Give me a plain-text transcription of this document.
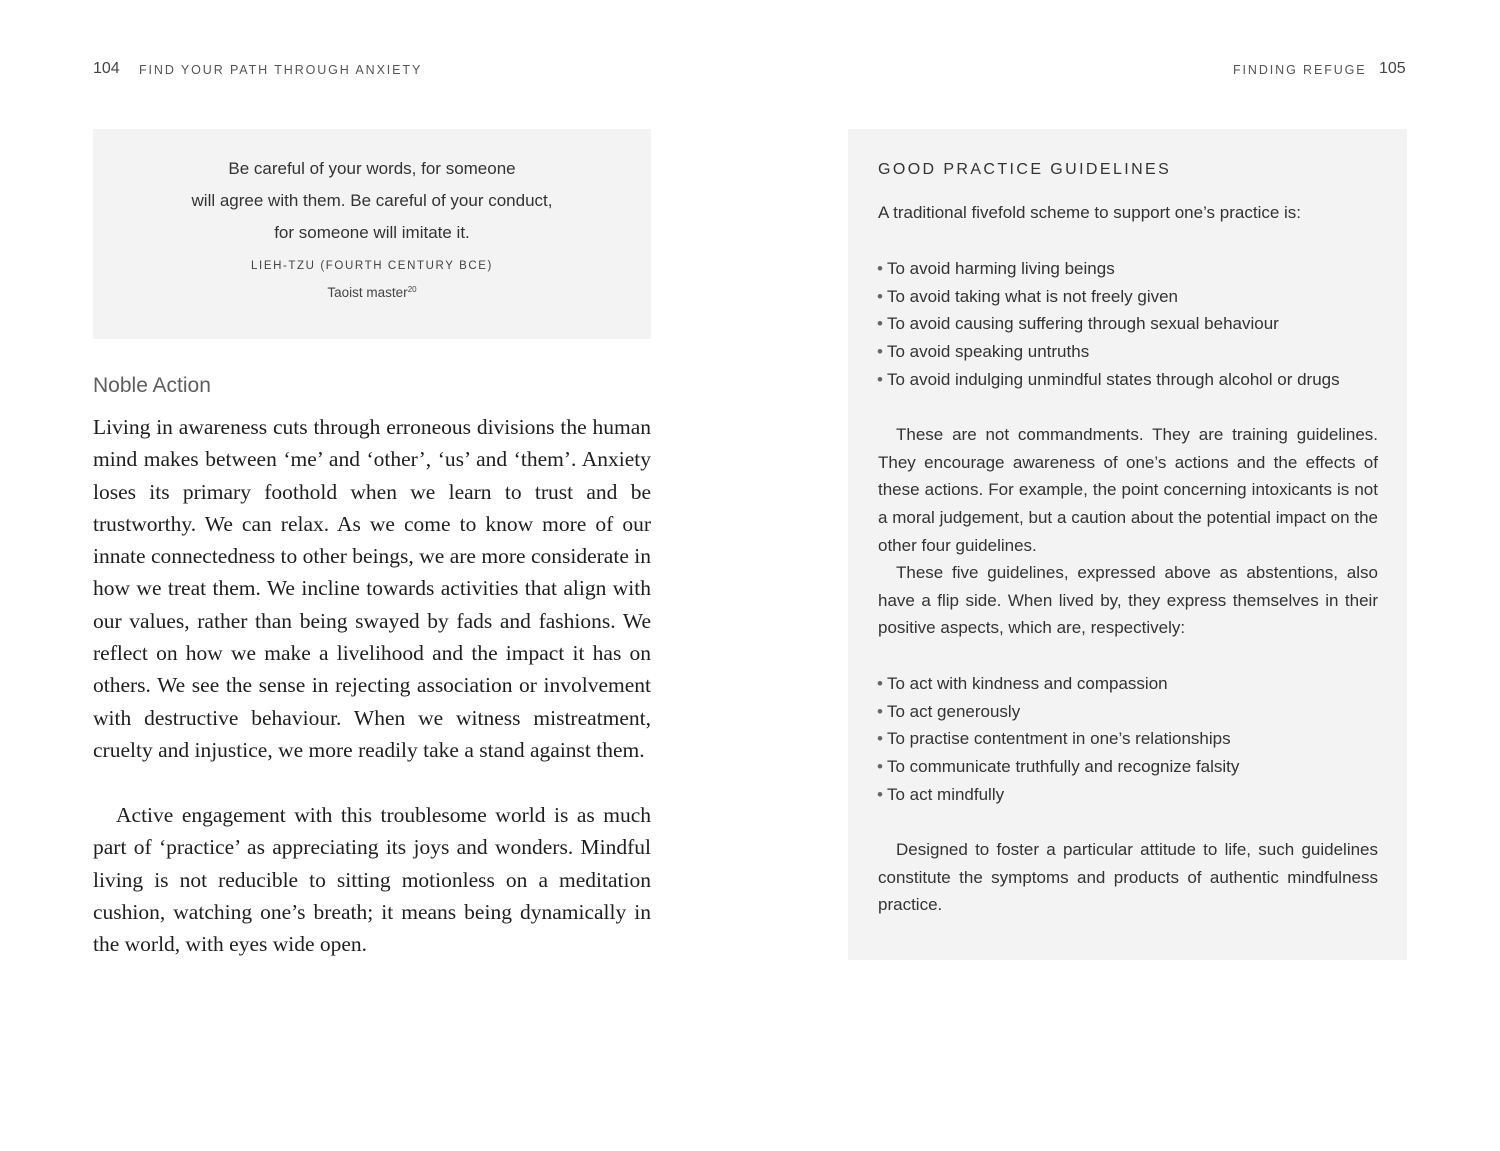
104 FIND YOUR PATH THROUGH ANXIETY	FINDING REFUGE 105
Be careful of your words, for someone
will agree with them. Be careful of your conduct,
for someone will imitate it.
LIEH-TZU (FOURTH CENTURY BCE)
Taoist master$^{20}$
Noble Action

Living in awareness cuts through erroneous divisions the human mind makes between ‘me’ and ‘other’, ‘us’ and ‘them’. Anxiety loses its primary foothold when we learn to trust and be trustworthy. We can relax. As we come to know more of our innate connectedness to other beings, we are more considerate in how we treat them. We incline towards activities that align with our values, rather than being swayed by fads and fashions. We reflect on how we make a livelihood and the impact it has on others. We see the sense in rejecting association or involvement with destructive behaviour. When we witness mistreatment, cruelty and injustice, we more readily take a stand against them.

Active engagement with this troublesome world is as much part of ‘practice’ as appreciating its joys and wonders. Mindful living is not reducible to sitting motionless on a meditation cushion, watching one’s breath; it means being dynamically in the world, with eyes wide open.

GOOD PRACTICE GUIDELINES
A traditional fivefold scheme to support one’s practice is:
• To avoid harming living beings
• To avoid taking what is not freely given
• To avoid causing suffering through sexual behaviour
• To avoid speaking untruths
• To avoid indulging unmindful states through alcohol or drugs

These are not commandments. They are training guidelines. They encourage awareness of one’s actions and the effects of these actions. For example, the point concerning intoxicants is not a moral judgement, but a caution about the potential impact on the other four guidelines.

These five guidelines, expressed above as abstentions, also have a flip side. When lived by, they express themselves in their positive aspects, which are, respectively:

• To act with kindness and compassion
• To act generously
• To practise contentment in one’s relationships
• To communicate truthfully and recognize falsity
• To act mindfully

Designed to foster a particular attitude to life, such guidelines constitute the symptoms and products of authentic mindfulness practice.
